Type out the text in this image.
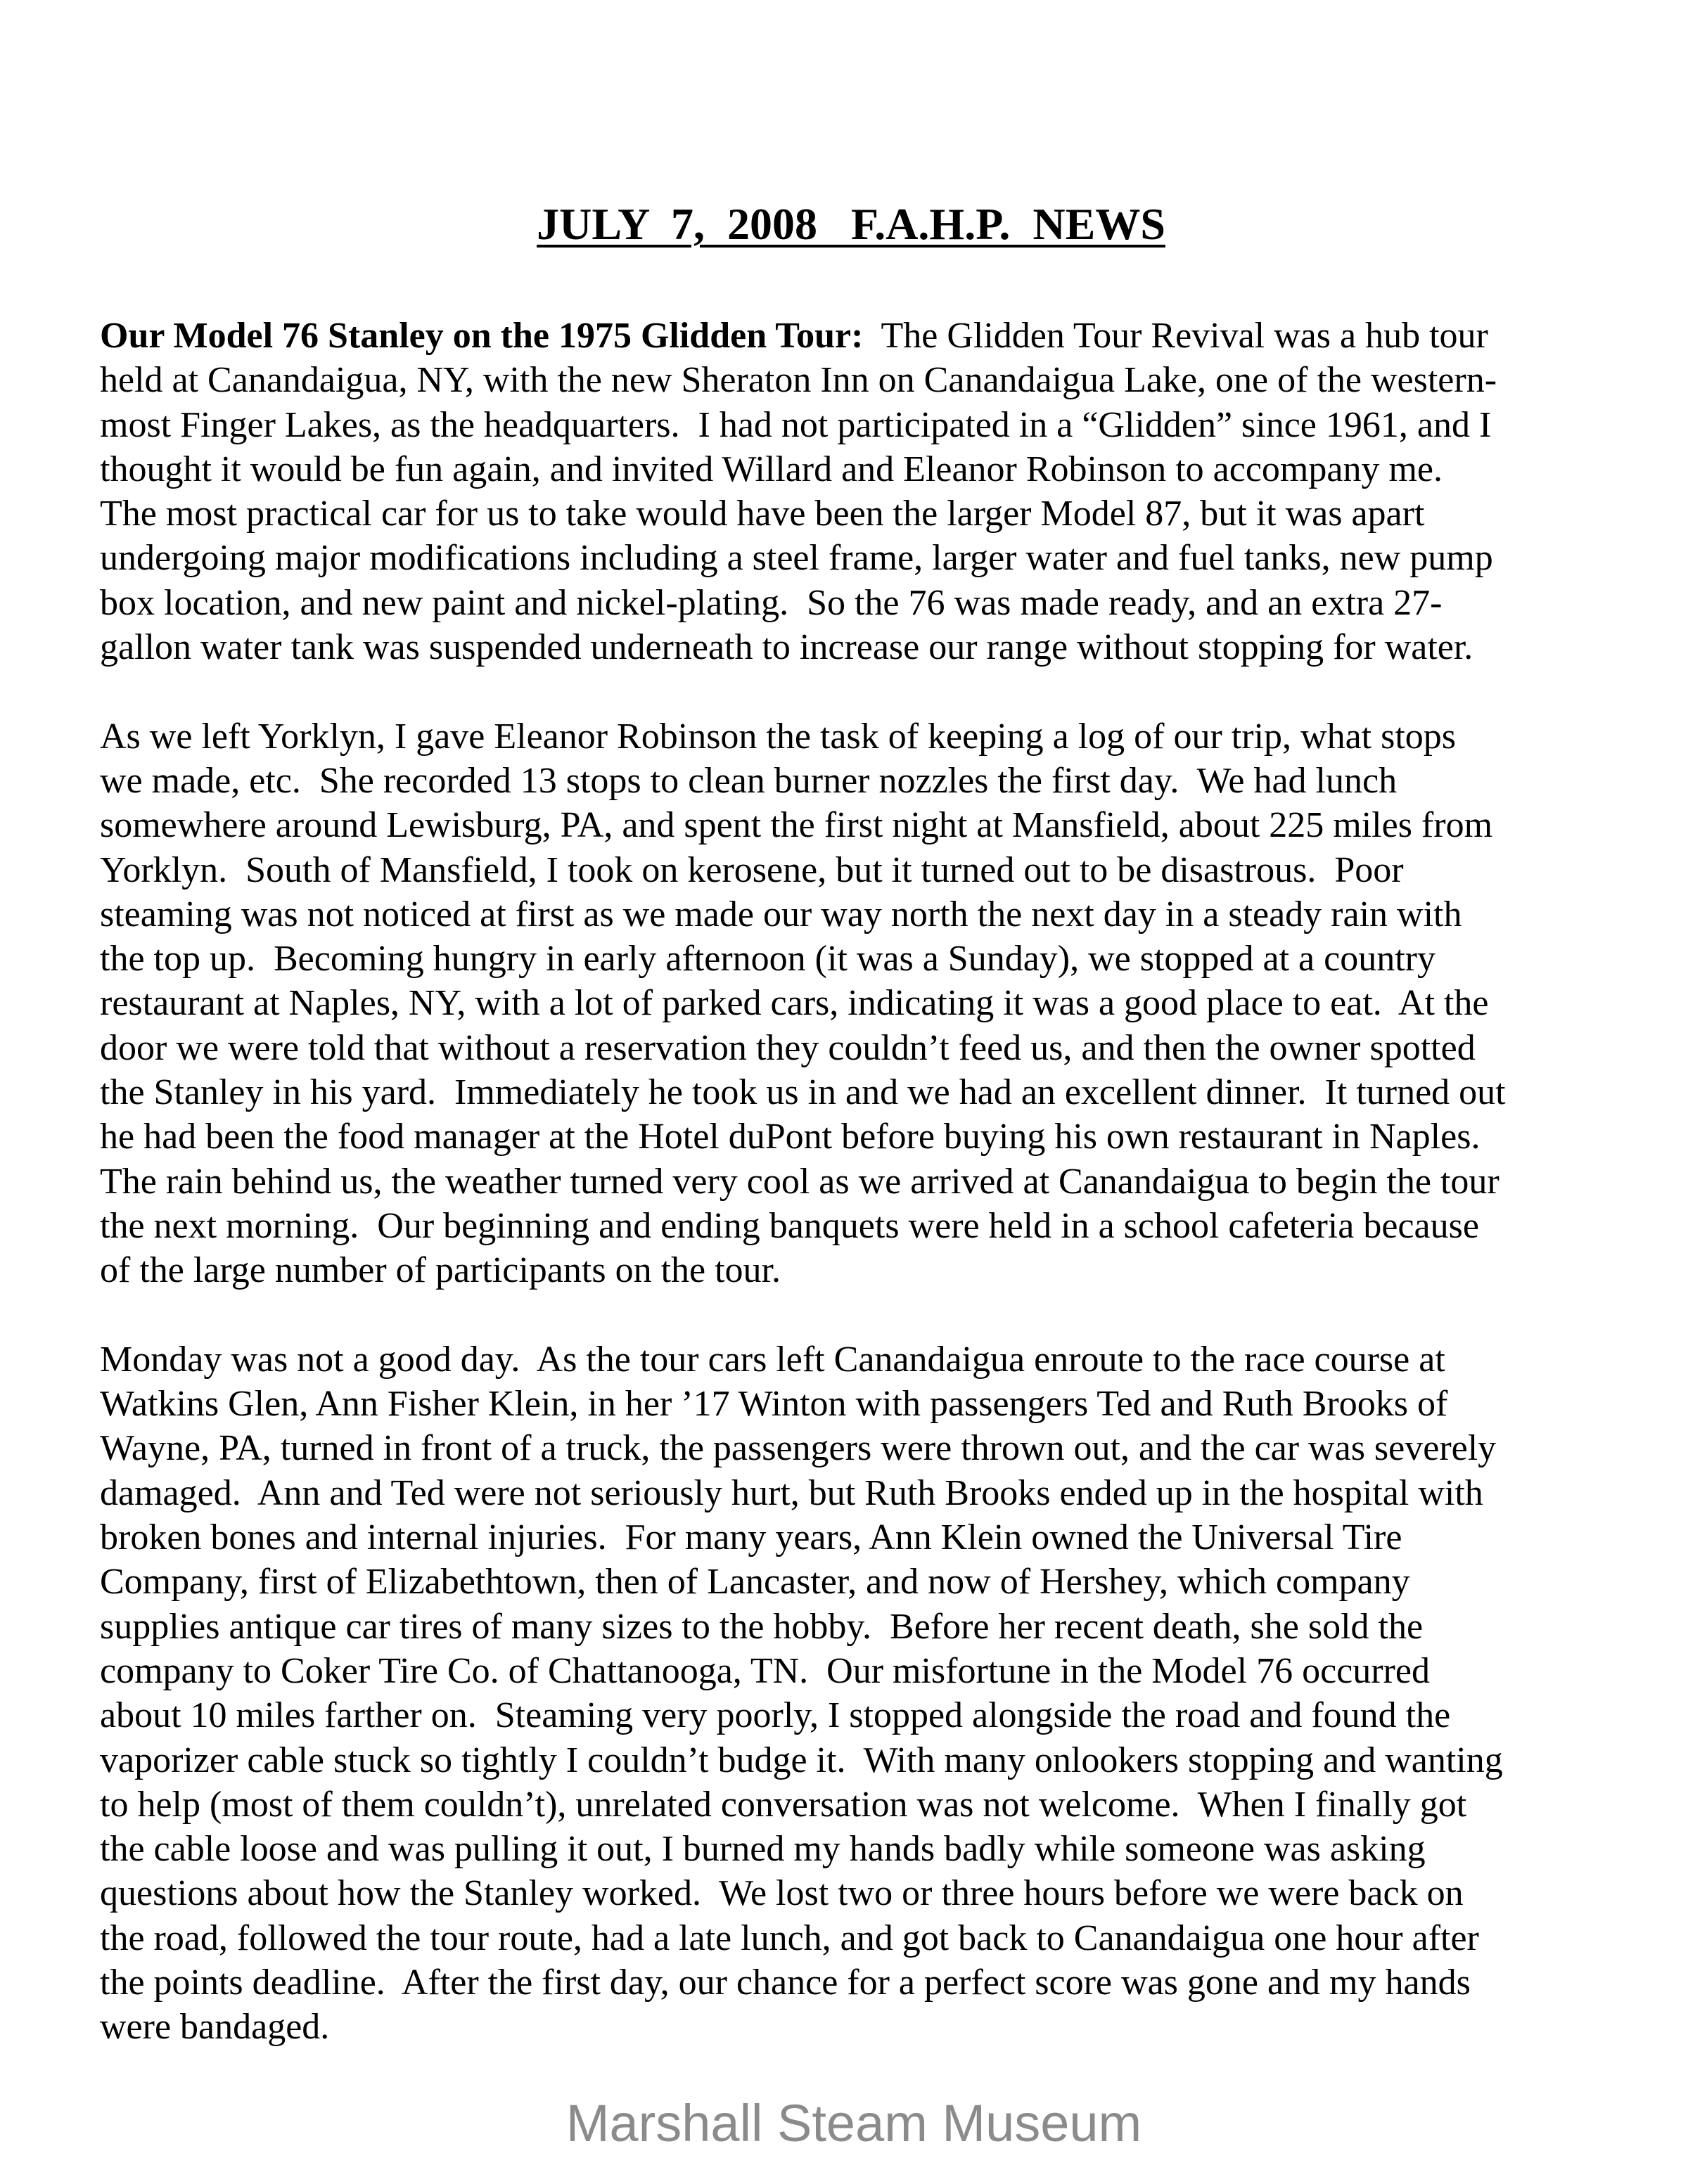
JULY  7,  2008   F.A.H.P.  NEWS
Our Model 76 Stanley on the 1975 Glidden Tour:  The Glidden Tour Revival was a hub tour
held at Canandaigua, NY, with the new Sheraton Inn on Canandaigua Lake, one of the western-
most Finger Lakes, as the headquarters.  I had not participated in a “Glidden” since 1961, and I
thought it would be fun again, and invited Willard and Eleanor Robinson to accompany me.
The most practical car for us to take would have been the larger Model 87, but it was apart
undergoing major modifications including a steel frame, larger water and fuel tanks, new pump
box location, and new paint and nickel-plating.  So the 76 was made ready, and an extra 27-
gallon water tank was suspended underneath to increase our range without stopping for water.
As we left Yorklyn, I gave Eleanor Robinson the task of keeping a log of our trip, what stops
we made, etc.  She recorded 13 stops to clean burner nozzles the first day.  We had lunch
somewhere around Lewisburg, PA, and spent the first night at Mansfield, about 225 miles from
Yorklyn.  South of Mansfield, I took on kerosene, but it turned out to be disastrous.  Poor
steaming was not noticed at first as we made our way north the next day in a steady rain with
the top up.  Becoming hungry in early afternoon (it was a Sunday), we stopped at a country
restaurant at Naples, NY, with a lot of parked cars, indicating it was a good place to eat.  At the
door we were told that without a reservation they couldn’t feed us, and then the owner spotted
the Stanley in his yard.  Immediately he took us in and we had an excellent dinner.  It turned out
he had been the food manager at the Hotel duPont before buying his own restaurant in Naples.
The rain behind us, the weather turned very cool as we arrived at Canandaigua to begin the tour
the next morning.  Our beginning and ending banquets were held in a school cafeteria because
of the large number of participants on the tour.
Monday was not a good day.  As the tour cars left Canandaigua enroute to the race course at
Watkins Glen, Ann Fisher Klein, in her ’17 Winton with passengers Ted and Ruth Brooks of
Wayne, PA, turned in front of a truck, the passengers were thrown out, and the car was severely
damaged.  Ann and Ted were not seriously hurt, but Ruth Brooks ended up in the hospital with
broken bones and internal injuries.  For many years, Ann Klein owned the Universal Tire
Company, first of Elizabethtown, then of Lancaster, and now of Hershey, which company
supplies antique car tires of many sizes to the hobby.  Before her recent death, she sold the
company to Coker Tire Co. of Chattanooga, TN.  Our misfortune in the Model 76 occurred
about 10 miles farther on.  Steaming very poorly, I stopped alongside the road and found the
vaporizer cable stuck so tightly I couldn’t budge it.  With many onlookers stopping and wanting
to help (most of them couldn’t), unrelated conversation was not welcome.  When I finally got
the cable loose and was pulling it out, I burned my hands badly while someone was asking
questions about how the Stanley worked.  We lost two or three hours before we were back on
the road, followed the tour route, had a late lunch, and got back to Canandaigua one hour after
the points deadline.  After the first day, our chance for a perfect score was gone and my hands
were bandaged.
Marshall Steam Museum
